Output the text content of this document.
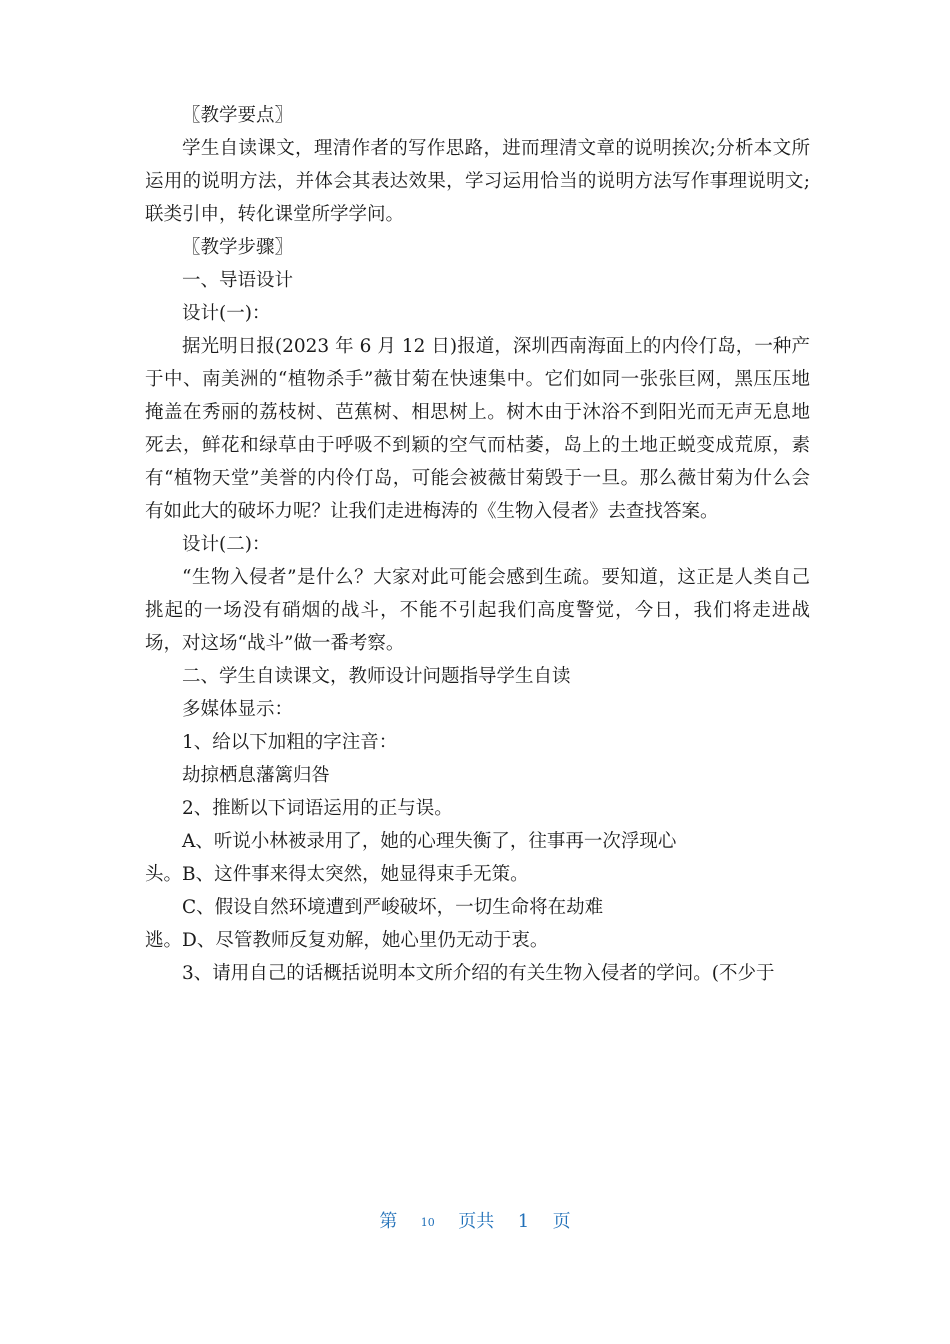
〖教学要点〗

学生自读课文，理清作者的写作思路，进而理清文章的说明挨次;分析本文所运用的说明方法，并体会其表达效果，学习运用恰当的说明方法写作事理说明文;联类引申，转化课堂所学学问。

〖教学步骤〗
一、导语设计
设计(一)：

据光明日报(2023 年 6 月 12 日)报道，深圳西南海面上的内伶仃岛，一种产于中、南美洲的“植物杀手”薇甘菊在快速集中。它们如同一张张巨网，黑压压地掩盖在秀丽的荔枝树、芭蕉树、相思树上。树木由于沐浴不到阳光而无声无息地死去，鲜花和绿草由于呼吸不到颖的空气而枯萎，岛上的土地正蜕变成荒原，素有“植物天堂”美誉的内伶仃岛，可能会被薇甘菊毁于一旦。那么薇甘菊为什么会有如此大的破坏力呢？让我们走进梅涛的《生物入侵者》去查找答案。

设计(二)：

“生物入侵者”是什么？大家对此可能会感到生疏。要知道，这正是人类自己挑起的一场没有硝烟的战斗，不能不引起我们高度警觉，今日，我们将走进战场，对这场“战斗”做一番考察。

二、学生自读课文，教师设计问题指导学生自读
多媒体显示：
1、给以下加粗的字注音：
劫掠栖息藩篱归咎
2、推断以下词语运用的正与误。
A、听说小林被录用了，她的心理失衡了，往事再一次浮现心
头。B、这件事来得太突然，她显得束手无策。
C、假设自然环境遭到严峻破坏，一切生命将在劫难
逃。D、尽管教师反复劝解，她心里仍无动于衷。
3、请用自己的话概括说明本文所介绍的有关生物入侵者的学问。(不少于
第 10 页共 1 页
